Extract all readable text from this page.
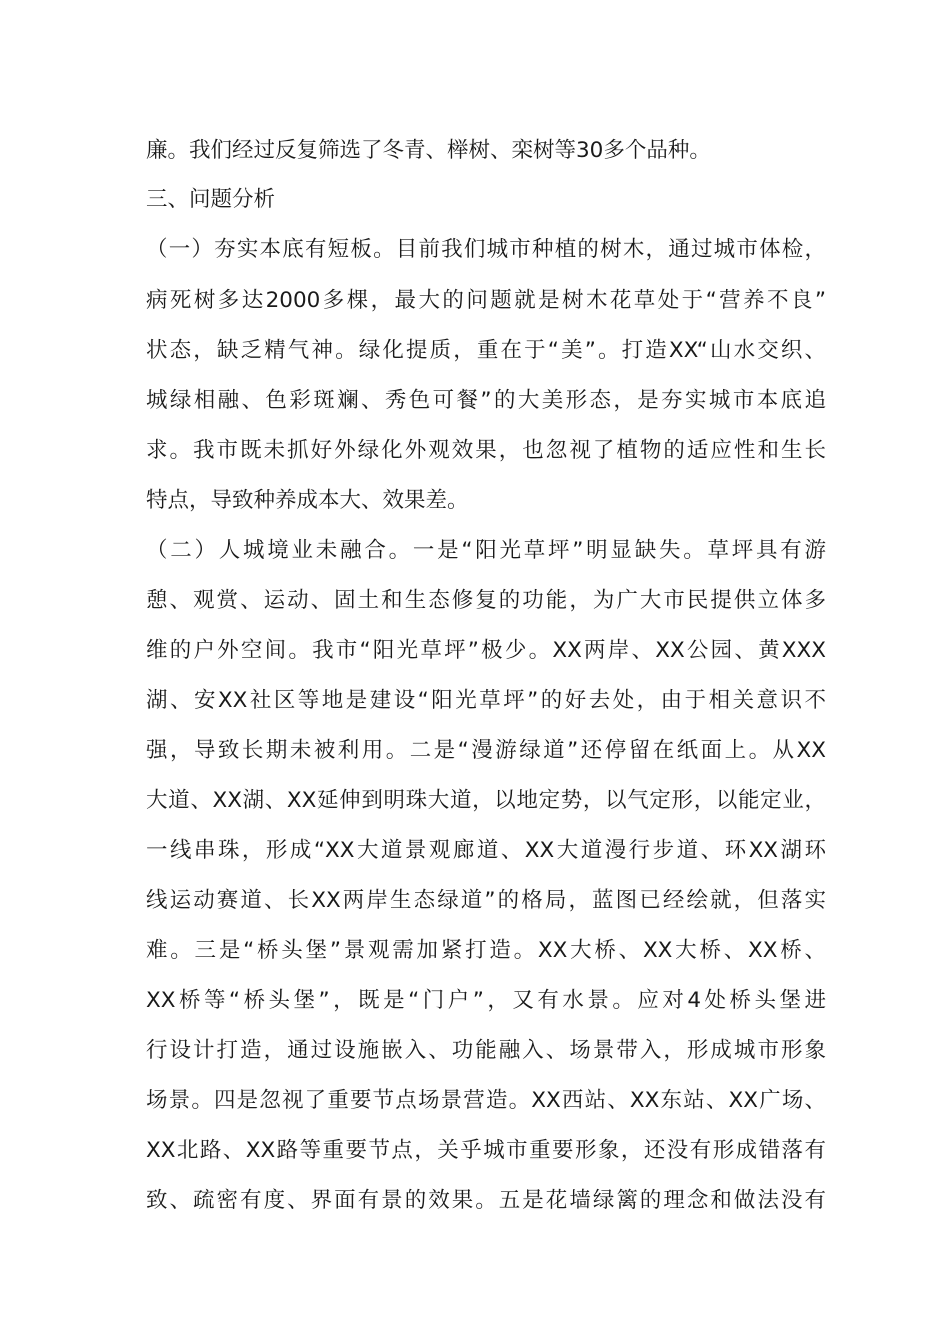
廉。我们经过反复筛选了冬青、榉树、栾树等30多个品种。
三、问题分析
（一）夯实本底有短板。目前我们城市种植的树木，通过城市体检，
病死树多达2000多棵，最大的问题就是树木花草处于“营养不良”
状态，缺乏精气神。绿化提质，重在于“美”。打造XX“山水交织、
城绿相融、色彩斑斓、秀色可餐”的大美形态，是夯实城市本底追
求。我市既未抓好外绿化外观效果，也忽视了植物的适应性和生长
特点，导致种养成本大、效果差。
（二）人城境业未融合。一是“阳光草坪”明显缺失。草坪具有游
憩、观赏、运动、固土和生态修复的功能，为广大市民提供立体多
维的户外空间。我市“阳光草坪”极少。XX两岸、XX公园、黄XXX
湖、安XX社区等地是建设“阳光草坪”的好去处，由于相关意识不
强，导致长期未被利用。二是“漫游绿道”还停留在纸面上。从XX
大道、XX湖、XX延伸到明珠大道，以地定势，以气定形，以能定业，
一线串珠，形成“XX大道景观廊道、XX大道漫行步道、环XX湖环
线运动赛道、长XX两岸生态绿道”的格局，蓝图已经绘就，但落实
难。三是“桥头堡”景观需加紧打造。XX大桥、XX大桥、XX桥、
XX桥等“桥头堡”，既是“门户”，又有水景。应对4处桥头堡进
行设计打造，通过设施嵌入、功能融入、场景带入，形成城市形象
场景。四是忽视了重要节点场景营造。XX西站、XX东站、XX广场、
XX北路、XX路等重要节点，关乎城市重要形象，还没有形成错落有
致、疏密有度、界面有景的效果。五是花墙绿篱的理念和做法没有
